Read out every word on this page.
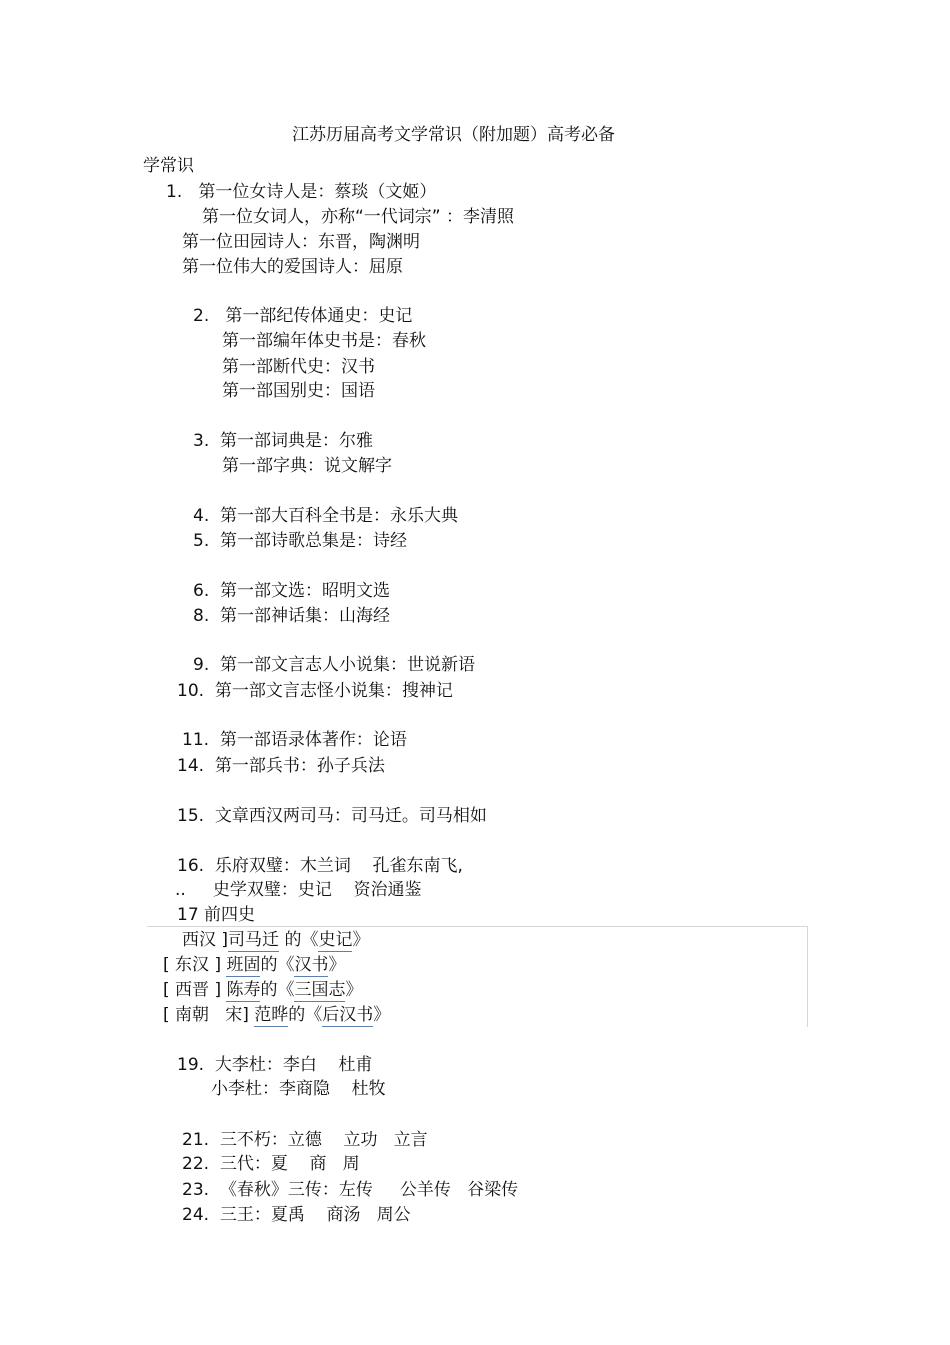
江苏历届高考文学常识（附加题）高考必备
学常识
1.   第一位女诗人是：蔡琰（文姬）
第一位女词人，亦称“一代词宗” ：李清照
第一位田园诗人：东晋，陶渊明
第一位伟大的爱国诗人：屈原
2.   第一部纪传体通史：史记
第一部编年体史书是：春秋
第一部断代史：汉书
第一部国别史：国语
3.  第一部词典是：尔雅
第一部字典：说文解字
4.  第一部大百科全书是：永乐大典
5.  第一部诗歌总集是：诗经
6.  第一部文选：昭明文选
8.  第一部神话集：山海经
9.  第一部文言志人小说集：世说新语
10.  第一部文言志怪小说集：搜神记
11.  第一部语录体著作：论语
14.  第一部兵书：孙子兵法
15.  文章西汉两司马：司马迁。司马相如
16.  乐府双璧：木兰词    孔雀东南飞,
..     史学双璧：史记    资治通鉴
17 前四史
西汉 ]司马迁 的《史记》
[ 东汉 ] 班固的《汉书》
[ 西晋 ] 陈寿的《三国志》
[ 南朝   宋] 范晔的《后汉书》
19.  大李杜：李白    杜甫
小李杜：李商隐    杜牧
21.  三不朽：立德    立功   立言
22.  三代：夏    商   周
23.  《春秋》三传：左传     公羊传   谷梁传
24.  三王：夏禹    商汤   周公
